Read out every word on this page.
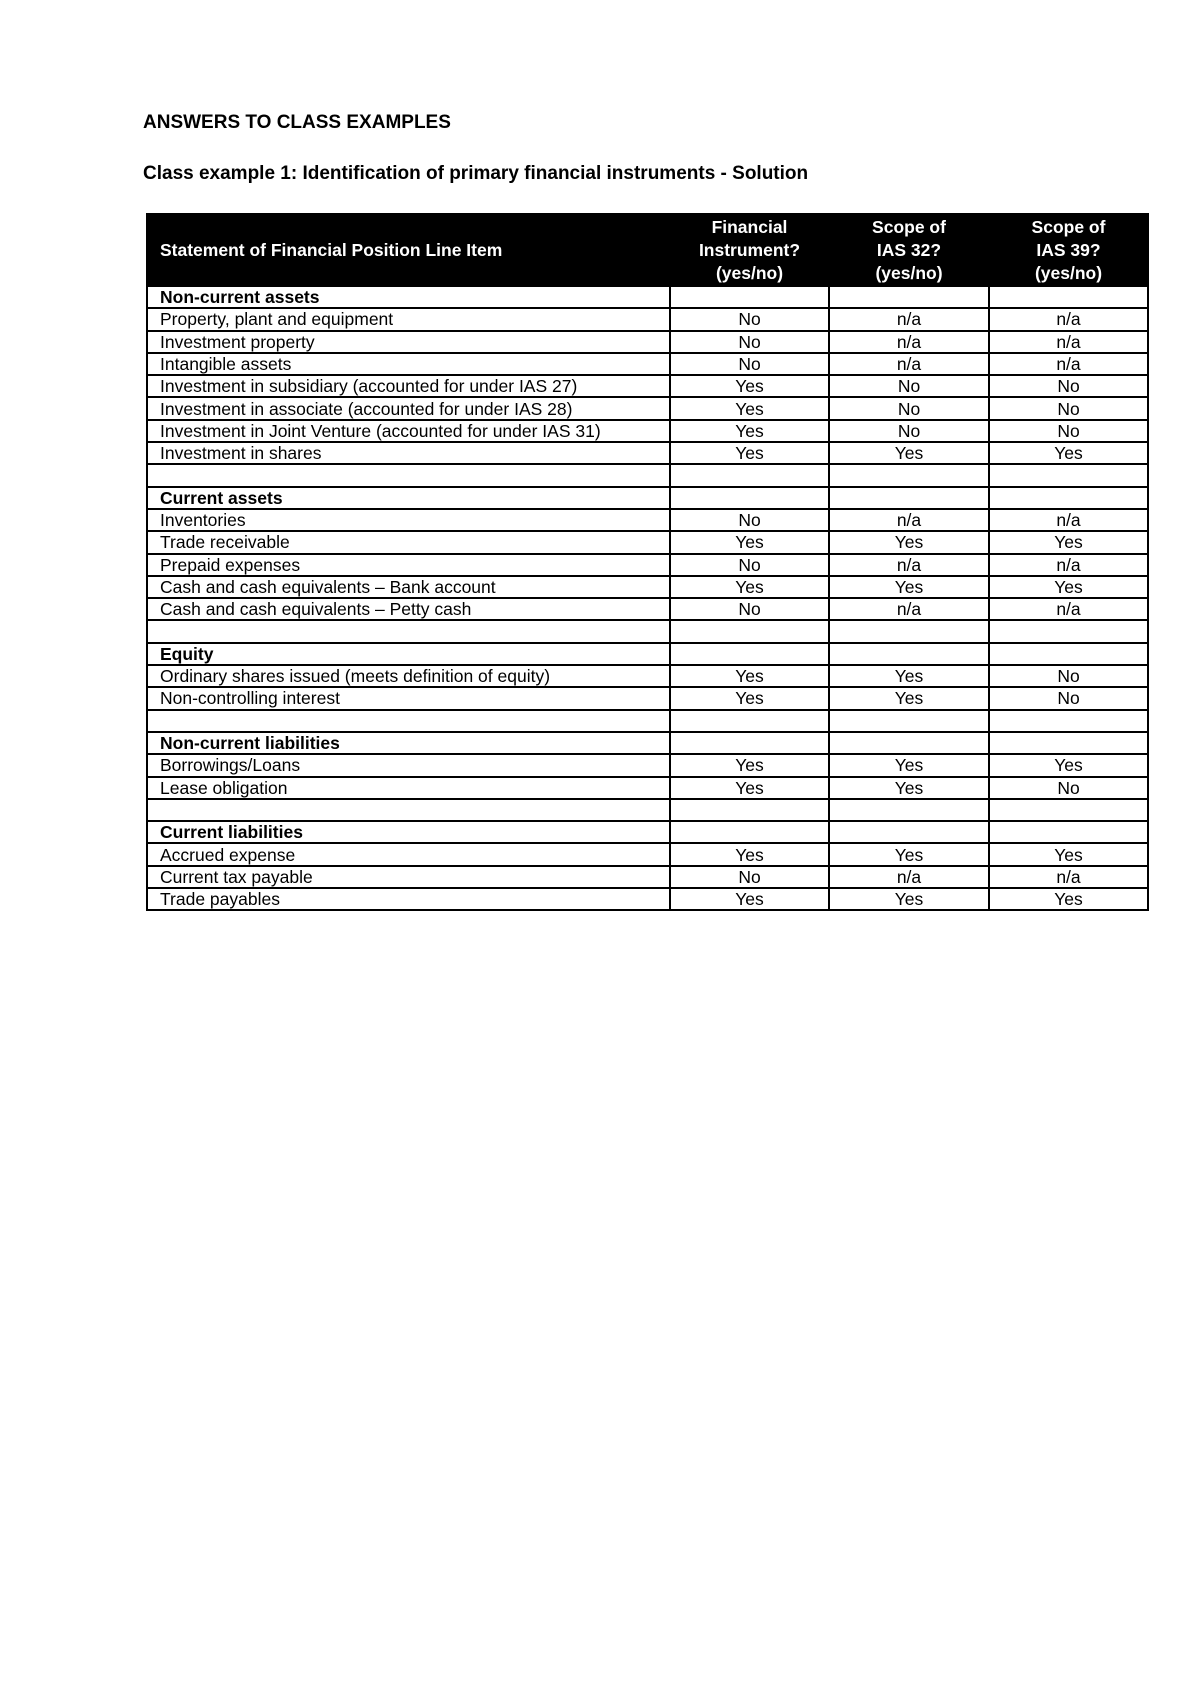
ANSWERS TO CLASS EXAMPLES
Class example 1: Identification of primary financial instruments - Solution
Statement of Financial Position Line Item	Financial
Instrument?
(yes/no)	Scope of
IAS 32?
(yes/no)	Scope of
IAS 39?
(yes/no)

Non-current assets			
Property, plant and equipment	No	n/a	n/a
Investment property	No	n/a	n/a
Intangible assets	No	n/a	n/a
Investment in subsidiary (accounted for under IAS 27)	Yes	No	No
Investment in associate (accounted for under IAS 28)	Yes	No	No
Investment in Joint Venture (accounted for under IAS 31)	Yes	No	No
Investment in shares	Yes	Yes	Yes

Current assets			
Inventories	No	n/a	n/a
Trade receivable	Yes	Yes	Yes
Prepaid expenses	No	n/a	n/a
Cash and cash equivalents – Bank account	Yes	Yes	Yes
Cash and cash equivalents – Petty cash	No	n/a	n/a

Equity			
Ordinary shares issued (meets definition of equity)	Yes	Yes	No
Non-controlling interest	Yes	Yes	No

Non-current liabilities			
Borrowings/Loans	Yes	Yes	Yes
Lease obligation	Yes	Yes	No

Current liabilities			
Accrued expense	Yes	Yes	Yes
Current tax payable	No	n/a	n/a
Trade payables	Yes	Yes	Yes
